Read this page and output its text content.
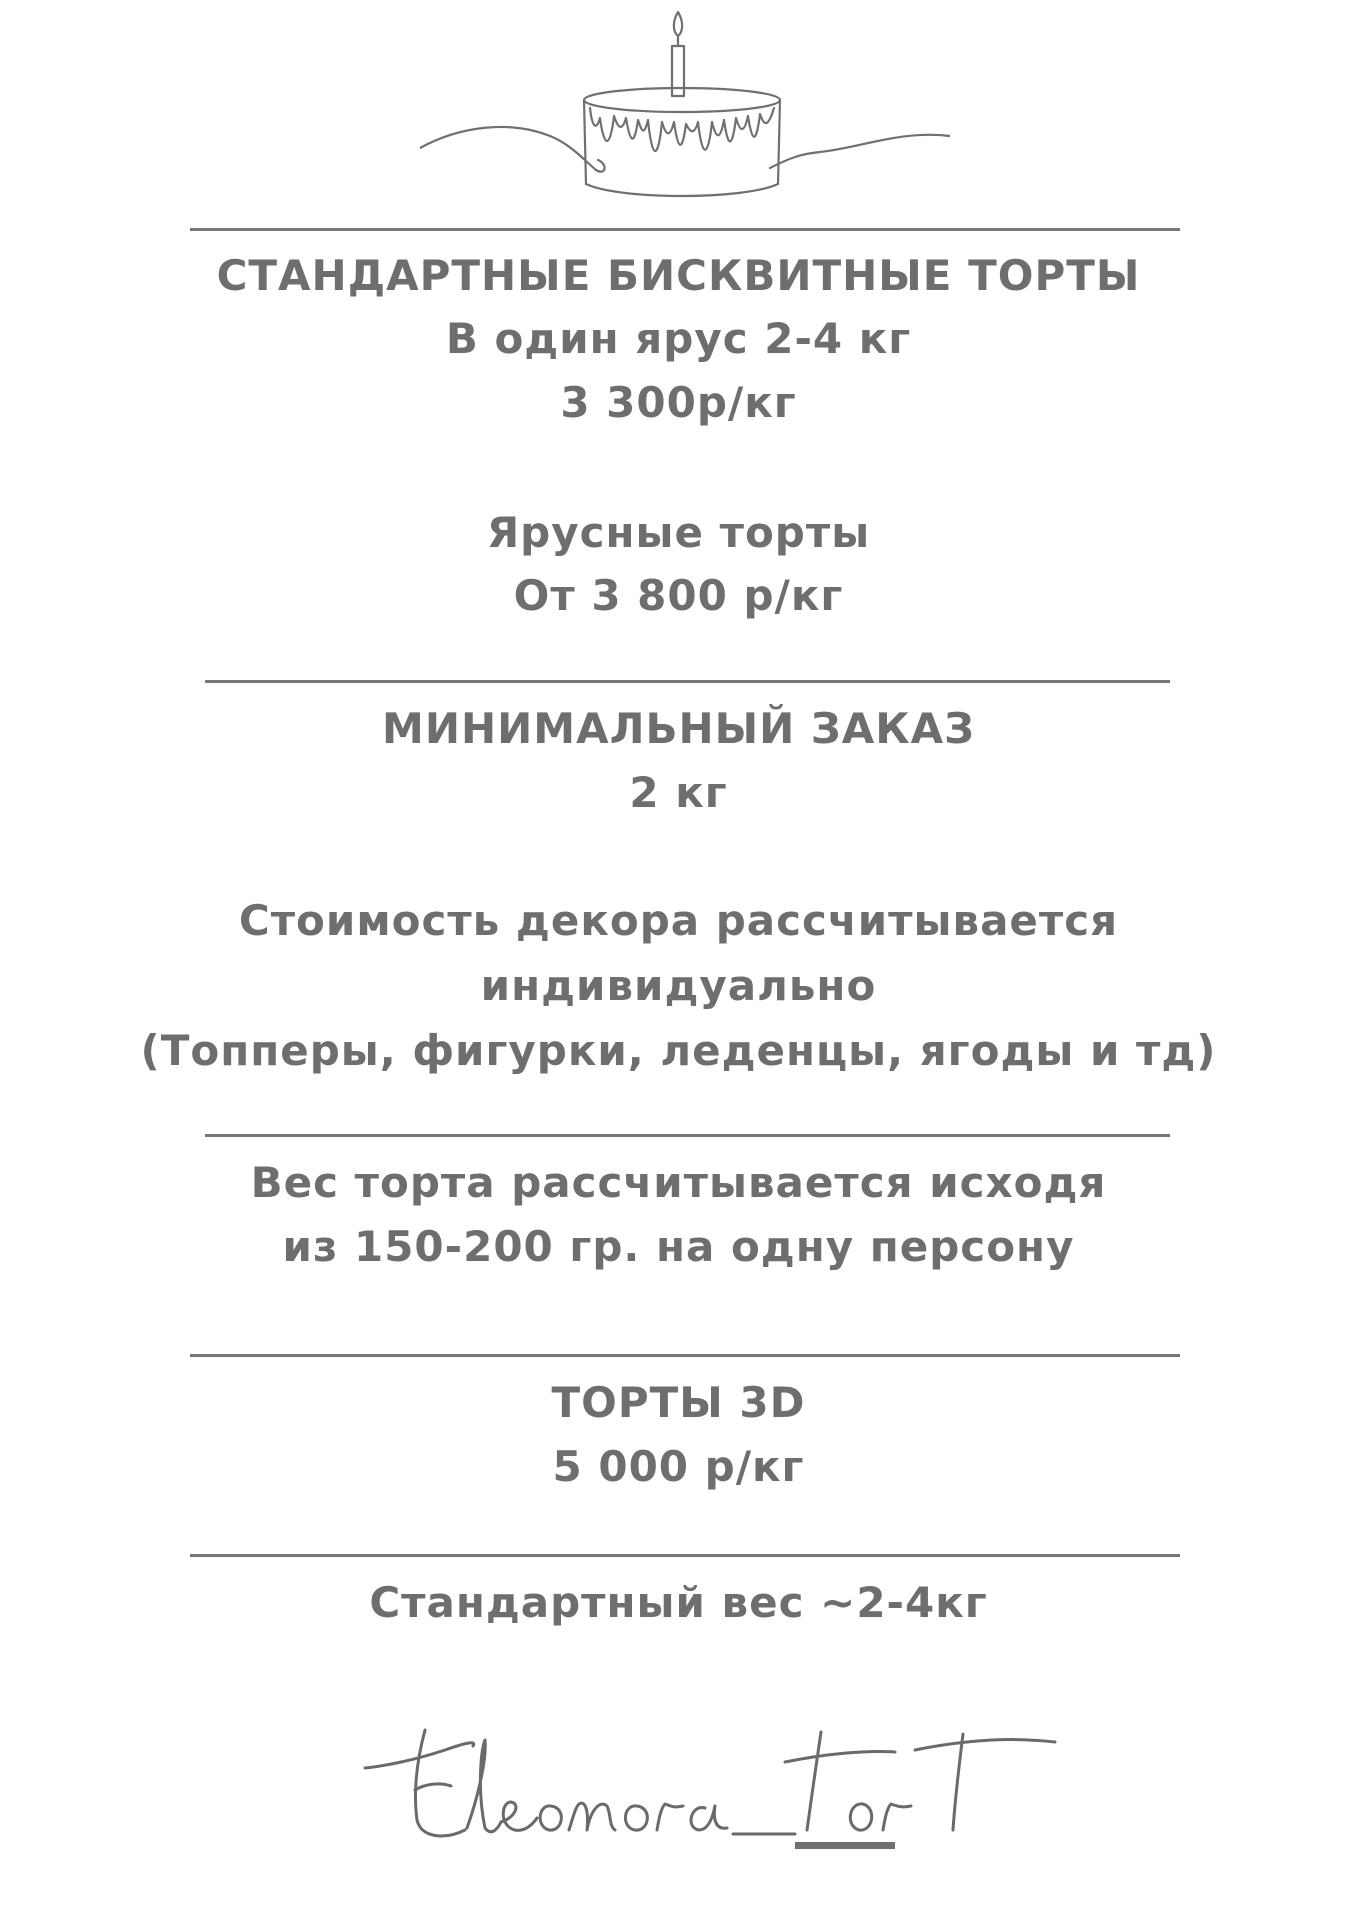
СТАНДАРТНЫЕ БИСКВИТНЫЕ ТОРТЫ
В один ярус 2-4 кг
3 300р/кг
Ярусные торты
От 3 800 р/кг
МИНИМАЛЬНЫЙ ЗАКАЗ
2 кг
Стоимость декора рассчитывается
индивидуально
(Топперы, фигурки, леденцы, ягоды и тд)
Вес торта рассчитывается исходя
из 150-200 гр. на одну персону
ТОРТЫ 3D
5 000 р/кг
Стандартный вес ~2-4кг
